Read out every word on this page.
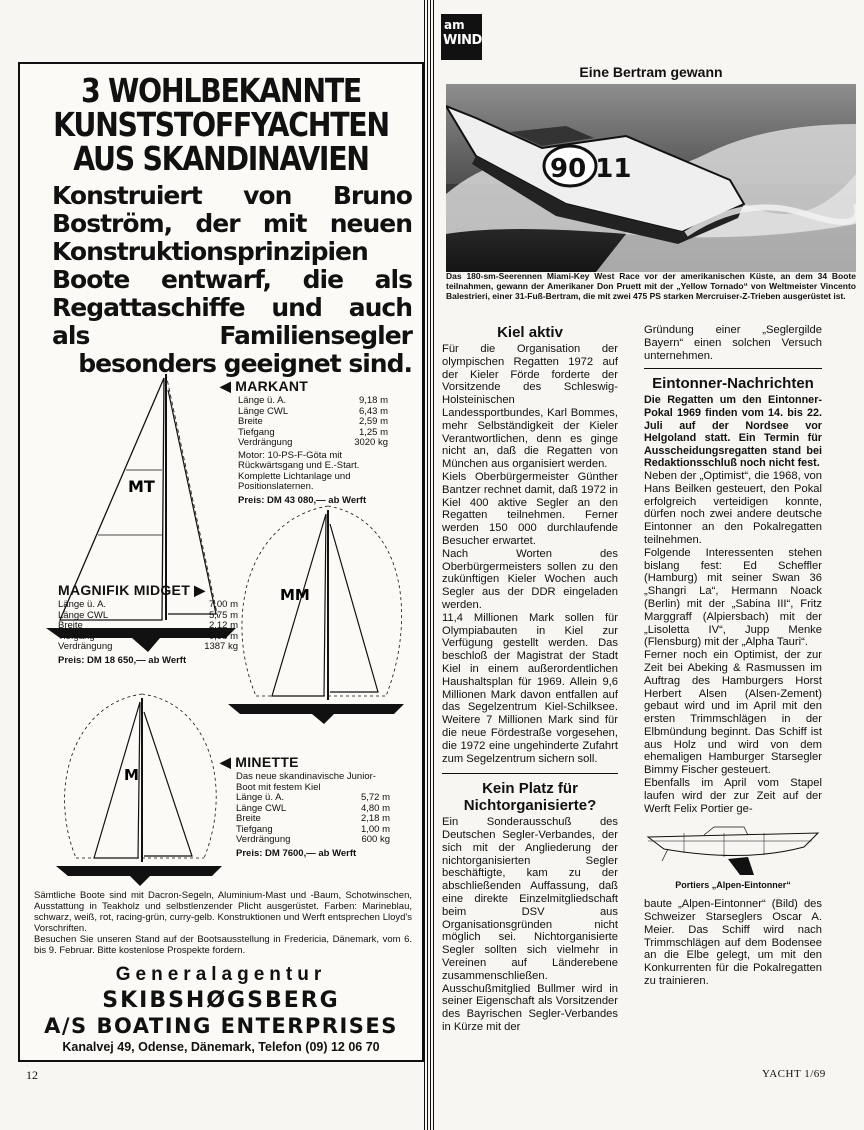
3 WOHLBEKANNTE
KUNSTSTOFFYACHTEN
AUS SKANDINAVIEN
Konstruiert von Bruno Boström, der mit neuen Konstruktionsprinzipien Boote entwarf, die als Regattaschiffe und auch als Familiensegler besonders geeignet sind.
MT
◀ MARKANT
Länge ü. A.	9,18 m
Länge CWL	6,43 m
Breite	2,59 m
Tiefgang	1,25 m
Verdrängung	3020 kg
Motor: 10-PS-F-Göta mit Rückwärtsgang und E.-Start. Komplette Lichtanlage und Positionslaternen.
Preis: DM 43 080,— ab Werft
MM
MAGNIFIK MIDGET ▶
Länge ü. A.	7,00 m
Länge CWL	5,75 m
Breite	2,12 m
Tiefgang	0,98 m
Verdrängung	1387 kg
Preis: DM 18 650,— ab Werft
M
◀ MINETTE
Das neue skandinavische Junior-Boot mit festem Kiel
Länge ü. A.	5,72 m
Länge CWL	4,80 m
Breite	2,18 m
Tiefgang	1,00 m
Verdrängung	600 kg
Preis: DM 7600,— ab Werft

Sämtliche Boote sind mit Dacron-Segeln, Aluminium-Mast und -Baum, Schotwinschen, Ausstattung in Teakholz und selbstlenzender Plicht ausgerüstet. Farben: Marineblau, schwarz, weiß, rot, racing-grün, curry-gelb. Konstruktionen und Werft entsprechen Lloyd's Vorschriften.

Besuchen Sie unseren Stand auf der Bootsausstellung in Fredericia, Dänemark, vom 6. bis 9. Februar. Bitte kostenlose Prospekte fordern.

Generalagentur
SKIBSHØGSBERG
A/S BOATING ENTERPRISES
Kanalvej 49, Odense, Dänemark, Telefon (09) 12 06 70
12
am
WIND
Eine Bertram gewann
90 11
Das 180-sm-Seerennen Miami-Key West Race vor der amerikanischen Küste, an dem 34 Boote teilnahmen, gewann der Amerikaner Don Pruett mit der „Yellow Tornado“ von Weltmeister Vincento Balestrieri, einer 31-Fuß-Bertram, die mit zwei 475 PS starken Mercruiser-Z-Trieben ausgerüstet ist.
Kiel aktiv

Für die Organisation der olympischen Regatten 1972 auf der Kieler Förde forderte der Vorsitzende des Schleswig-Holsteinischen Landessportbundes, Karl Bommes, mehr Selbständigkeit der Kieler Verantwortlichen, denn es ginge nicht an, daß die Regatten von München aus organisiert werden.

Kiels Oberbürgermeister Günther Bantzer rechnet damit, daß 1972 in Kiel 400 aktive Segler an den Regatten teilnehmen. Ferner werden 150 000 durchlaufende Besucher erwartet.

Nach Worten des Oberbürgermeisters sollen zu den zukünftigen Kieler Wochen auch Segler aus der DDR eingeladen werden.

11,4 Millionen Mark sollen für Olympiabauten in Kiel zur Verfügung gestellt werden. Das beschloß der Magistrat der Stadt Kiel in einem außerordentlichen Haushaltsplan für 1969. Allein 9,6 Millionen Mark davon entfallen auf das Segelzentrum Kiel-Schilksee. Weitere 7 Millionen Mark sind für die neue Fördestraße vorgesehen, die 1972 eine ungehinderte Zufahrt zum Segelzentrum sichern soll.

Kein Platz für Nichtorganisierte?

Ein Sonderausschuß des Deutschen Segler-Verbandes, der sich mit der Angliederung der nichtorganisierten Segler beschäftigte, kam zu der abschließenden Auffassung, daß eine direkte Einzelmitgliedschaft beim DSV aus Organisationsgründen nicht möglich sei. Nichtorganisierte Segler sollten sich vielmehr in Vereinen auf Länderebene zusammenschließen. Ausschußmitglied Bullmer wird in seiner Eigenschaft als Vorsitzender des Bayrischen Segler-Verbandes in Kürze mit der

Gründung einer „Seglergilde Bayern“ einen solchen Versuch unternehmen.

Eintonner-Nachrichten

Die Regatten um den Eintonner-Pokal 1969 finden vom 14. bis 22. Juli auf der Nordsee vor Helgoland statt. Ein Termin für Ausscheidungsregatten stand bei Redaktionsschluß noch nicht fest.

Neben der „Optimist“, die 1968, von Hans Beilken gesteuert, den Pokal erfolgreich verteidigen konnte, dürfen noch zwei andere deutsche Eintonner an den Pokalregatten teilnehmen.

Folgende Interessenten stehen bislang fest: Ed Scheffler (Hamburg) mit seiner Swan 36 „Shangri La“, Hermann Noack (Berlin) mit der „Sabina III“, Fritz Marggraff (Alpiersbach) mit der „Lisoletta IV“, Jupp Menke (Flensburg) mit der „Alpha Tauri“.

Ferner noch ein Optimist, der zur Zeit bei Abeking & Rasmussen im Auftrag des Hamburgers Horst Herbert Alsen (Alsen-Zement) gebaut wird und im April mit den ersten Trimmschlägen in der Elbmündung beginnt. Das Schiff ist aus Holz und wird von dem ehemaligen Hamburger Starsegler Bimmy Fischer gesteuert.

Ebenfalls im April vom Stapel laufen wird der zur Zeit auf der Werft Felix Portier ge-

Portiers „Alpen-Eintonner“

baute „Alpen-Eintonner“ (Bild) des Schweizer Starseglers Oscar A. Meier. Das Schiff wird nach Trimmschlägen auf dem Bodensee an die Elbe gelegt, um mit den Konkurrenten für die Pokalregatten zu trainieren.

YACHT 1/69
